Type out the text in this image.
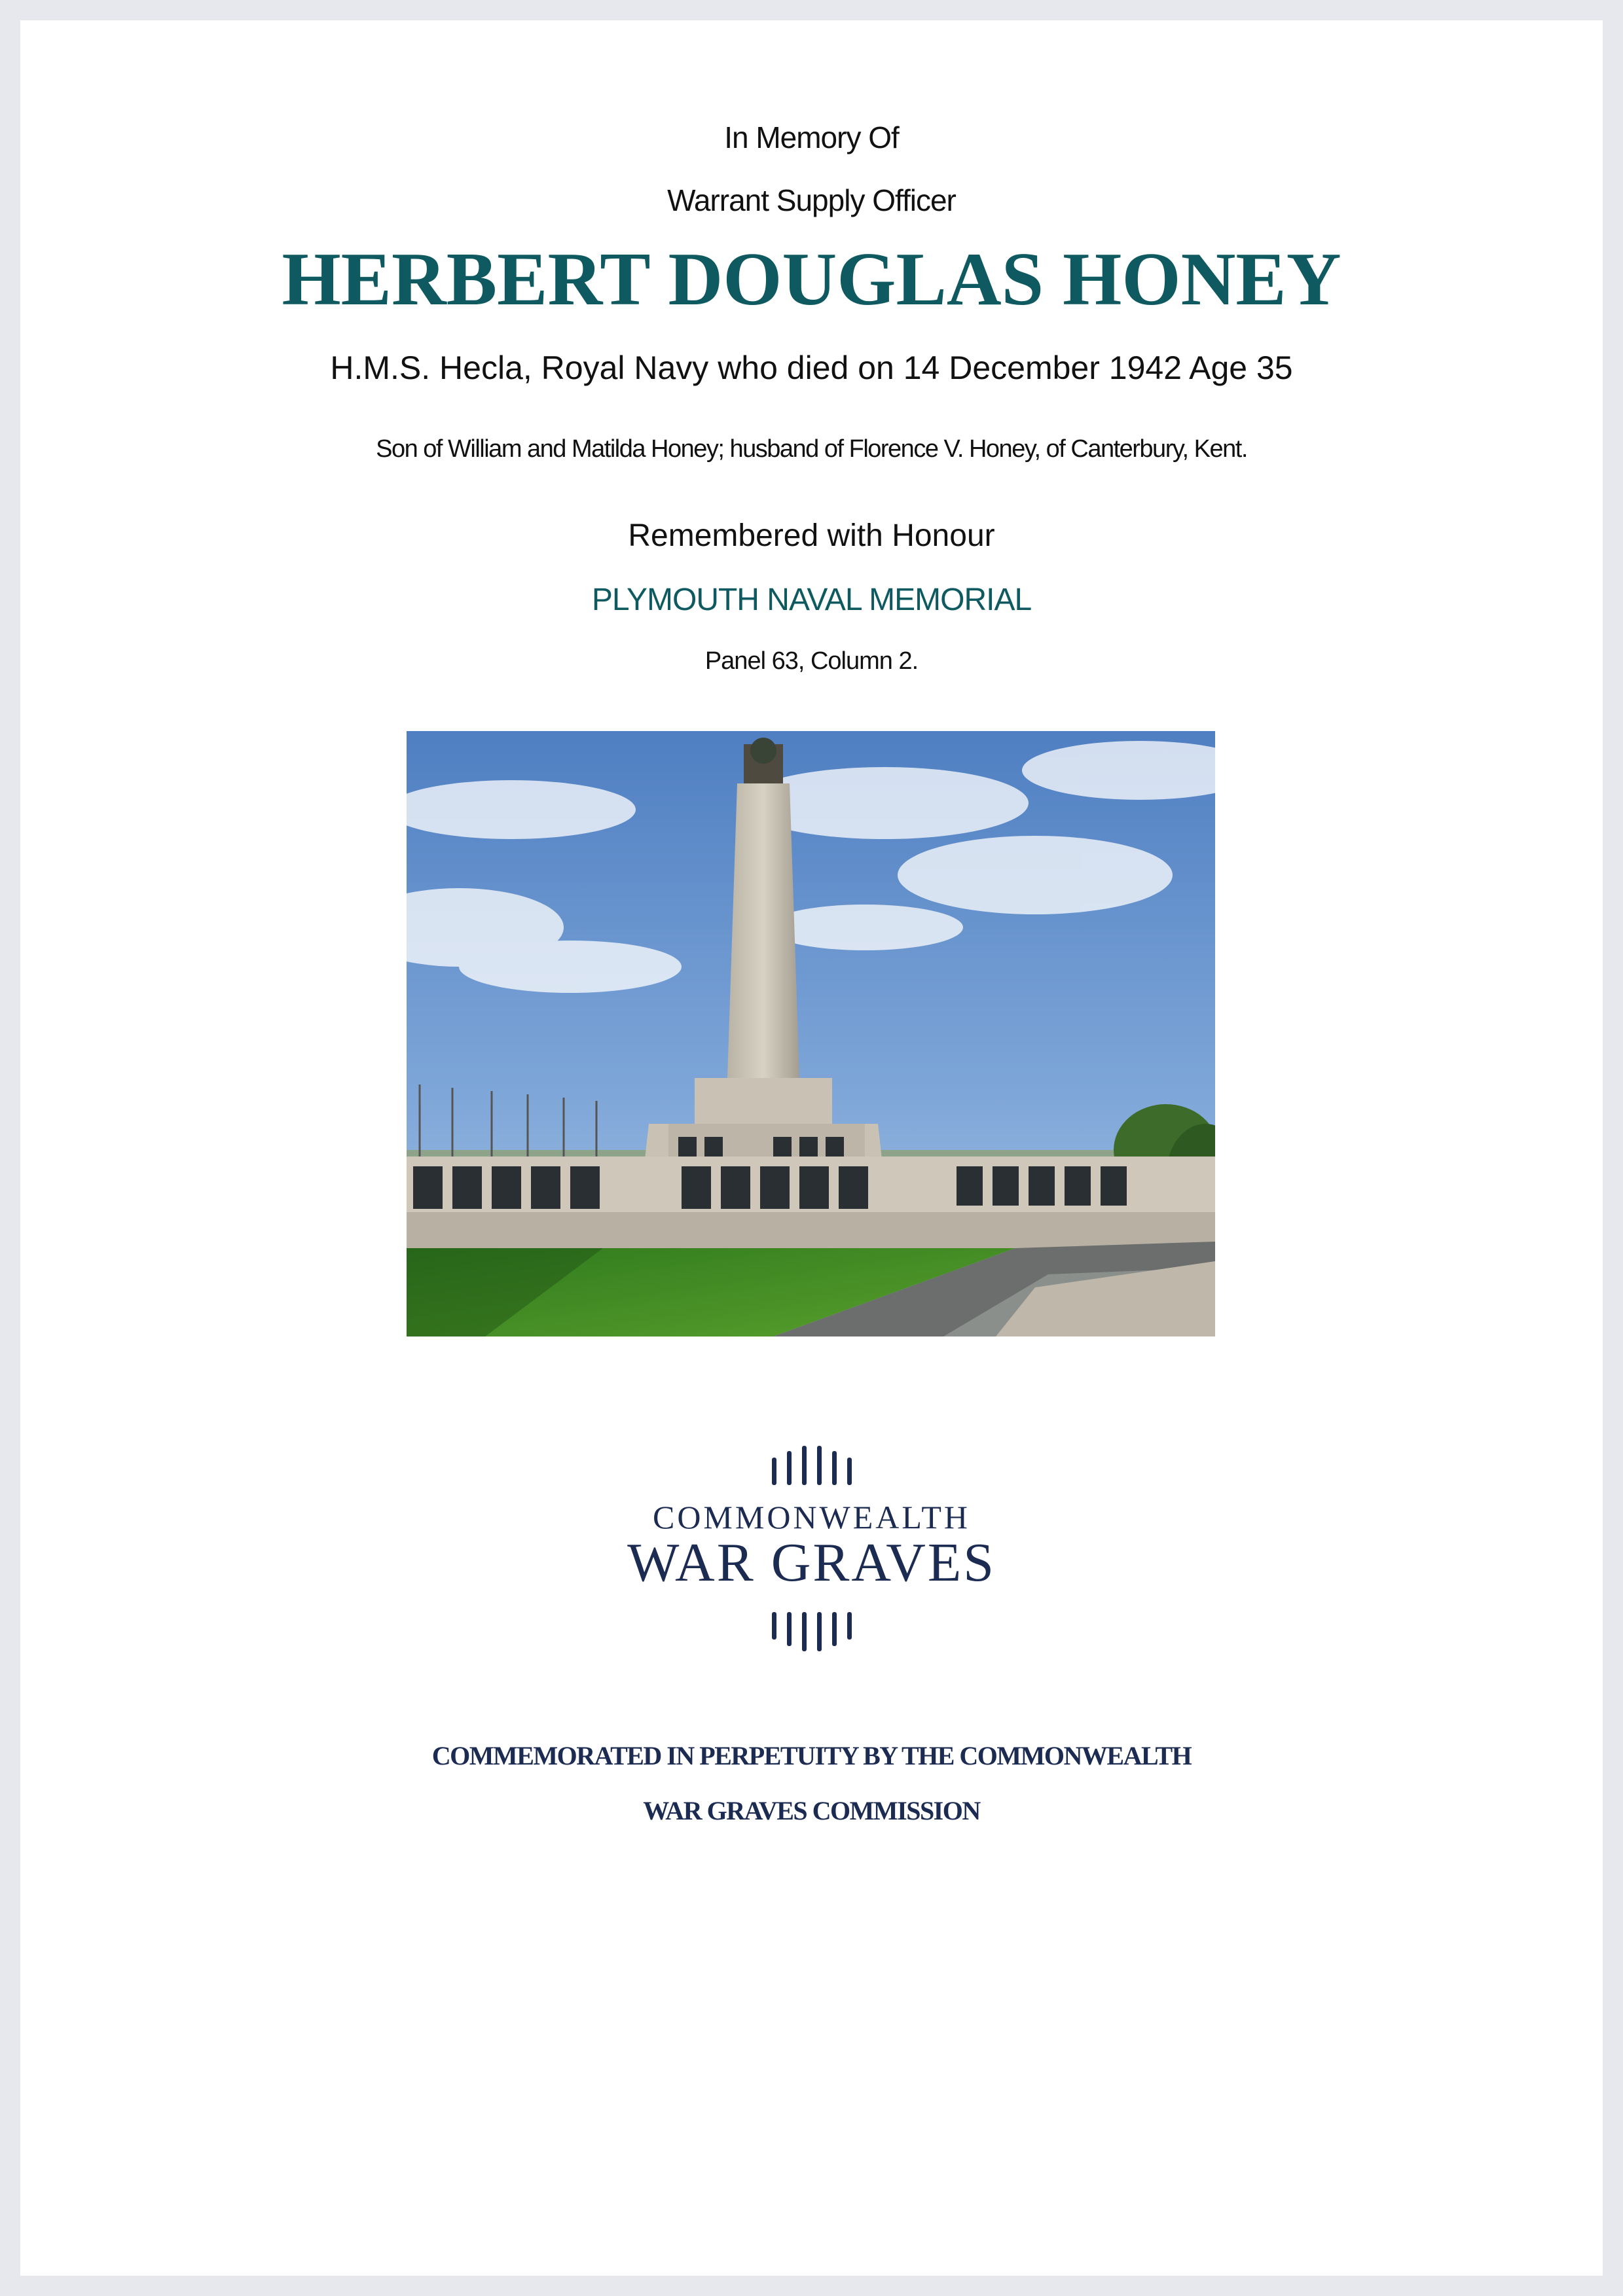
In Memory Of
Warrant Supply Officer
HERBERT DOUGLAS HONEY
H.M.S. Hecla, Royal Navy who died on 14 December 1942 Age 35
Son of William and Matilda Honey; husband of Florence V. Honey, of Canterbury, Kent.
Remembered with Honour
PLYMOUTH NAVAL MEMORIAL
Panel 63, Column 2.
COMMONWEALTH
WAR GRAVES
COMMEMORATED IN PERPETUITY BY THE COMMONWEALTH
WAR GRAVES COMMISSION
